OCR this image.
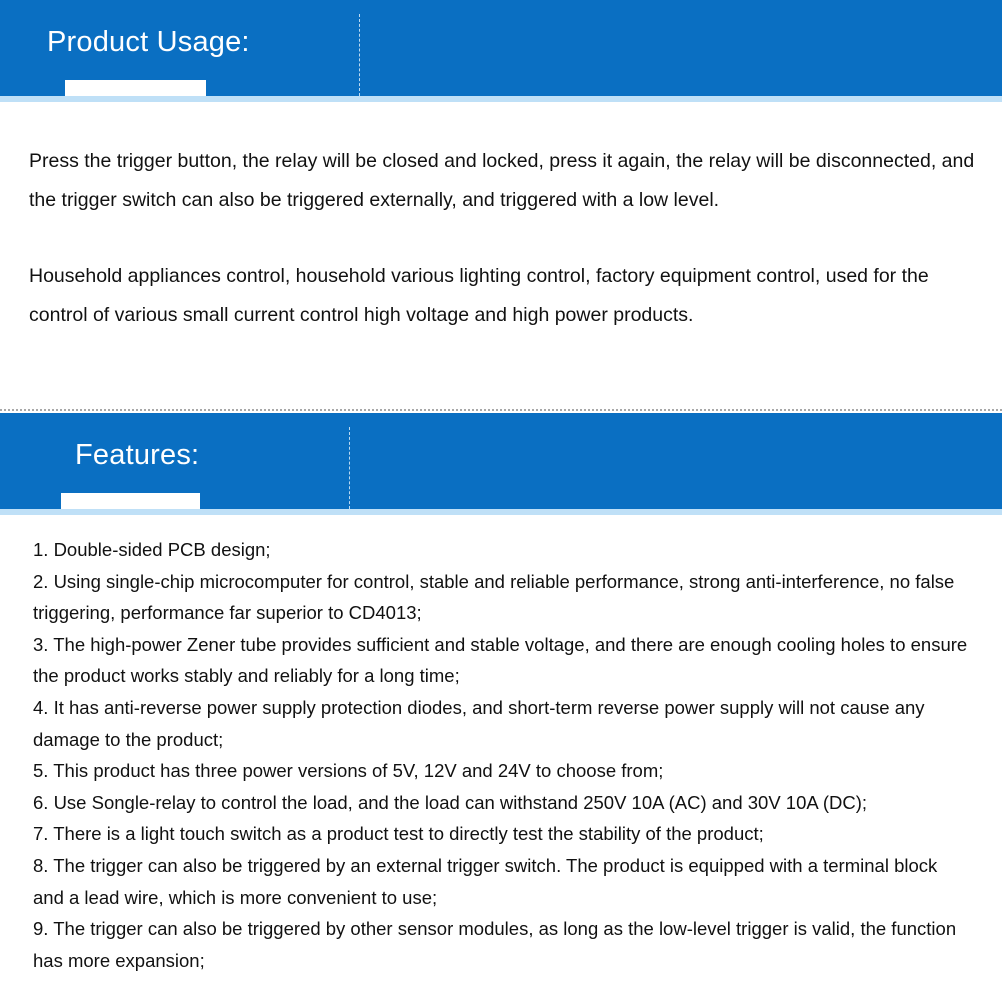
Product Usage:

Press the trigger button, the relay will be closed and locked, press it again, the relay will be disconnected, and the trigger switch can also be triggered externally, and triggered with a low level.

Household appliances control, household various lighting control, factory equipment control, used for the control of various small current control high voltage and high power products.

Features:
1. Double-sided PCB design;
2. Using single-chip microcomputer for control, stable and reliable performance, strong anti-interference, no false triggering, performance far superior to CD4013;
3. The high-power Zener tube provides sufficient and stable voltage, and there are enough cooling holes to ensure the product works stably and reliably for a long time;
4. It has anti-reverse power supply protection diodes, and short-term reverse power supply will not cause any damage to the product;
5. This product has three power versions of 5V, 12V and 24V to choose from;
6. Use Songle-relay to control the load, and the load can withstand 250V 10A (AC) and 30V 10A (DC);
7. There is a light touch switch as a product test to directly test the stability of the product;
8. The trigger can also be triggered by an external trigger switch. The product is equipped with a terminal block and a lead wire, which is more convenient to use;
9. The trigger can also be triggered by other sensor modules, as long as the low-level trigger is valid, the function has more expansion;
